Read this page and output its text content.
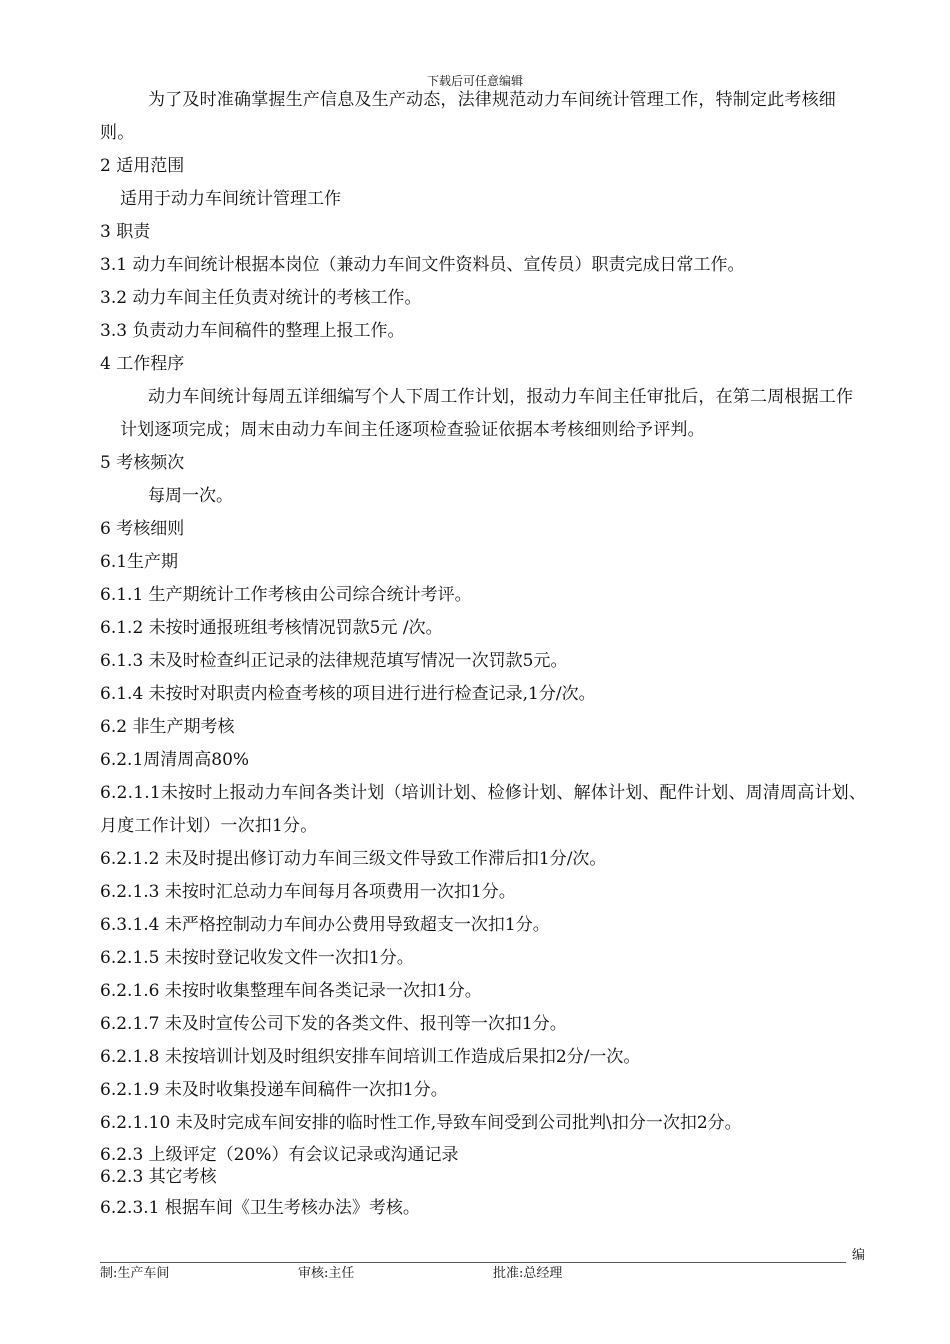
下载后可任意编辑
为了及时准确掌握生产信息及生产动态，法律规范动力车间统计管理工作，特制定此考核细则。
2 适用范围
适用于动力车间统计管理工作
3 职责
3.1 动力车间统计根据本岗位（兼动力车间文件资料员、宣传员）职责完成日常工作。
3.2 动力车间主任负责对统计的考核工作。
3.3 负责动力车间稿件的整理上报工作。
4 工作程序
动力车间统计每周五详细编写个人下周工作计划，报动力车间主任审批后，在第二周根据工作计划逐项完成；周末由动力车间主任逐项检查验证依据本考核细则给予评判。
5 考核频次
每周一次。
6 考核细则
6.1生产期
6.1.1 生产期统计工作考核由公司综合统计考评。
6.1.2 未按时通报班组考核情况罚款5元 /次。
6.1.3 未及时检查纠正记录的法律规范填写情况一次罚款5元。
6.1.4 未按时对职责内检查考核的项目进行进行检查记录,1分/次。
6.2 非生产期考核
6.2.1周清周高80%
6.2.1.1未按时上报动力车间各类计划（培训计划、检修计划、解体计划、配件计划、周清周高计划、月度工作计划）一次扣1分。
6.2.1.2 未及时提出修订动力车间三级文件导致工作滞后扣1分/次。
6.2.1.3 未按时汇总动力车间每月各项费用一次扣1分。
6.3.1.4 未严格控制动力车间办公费用导致超支一次扣1分。
6.2.1.5 未按时登记收发文件一次扣1分。
6.2.1.6 未按时收集整理车间各类记录一次扣1分。
6.2.1.7 未及时宣传公司下发的各类文件、报刊等一次扣1分。
6.2.1.8 未按培训计划及时组织安排车间培训工作造成后果扣2分/一次。
6.2.1.9 未及时收集投递车间稿件一次扣1分。
6.2.1.10 未及时完成车间安排的临时性工作,导致车间受到公司批判\扣分一次扣2分。
6.2.3 上级评定（20%）有会议记录或沟通记录
6.2.3 其它考核
6.2.3.1 根据车间《卫生考核办法》考核。
编
制:生产车间	审核:主任	批准:总经理
